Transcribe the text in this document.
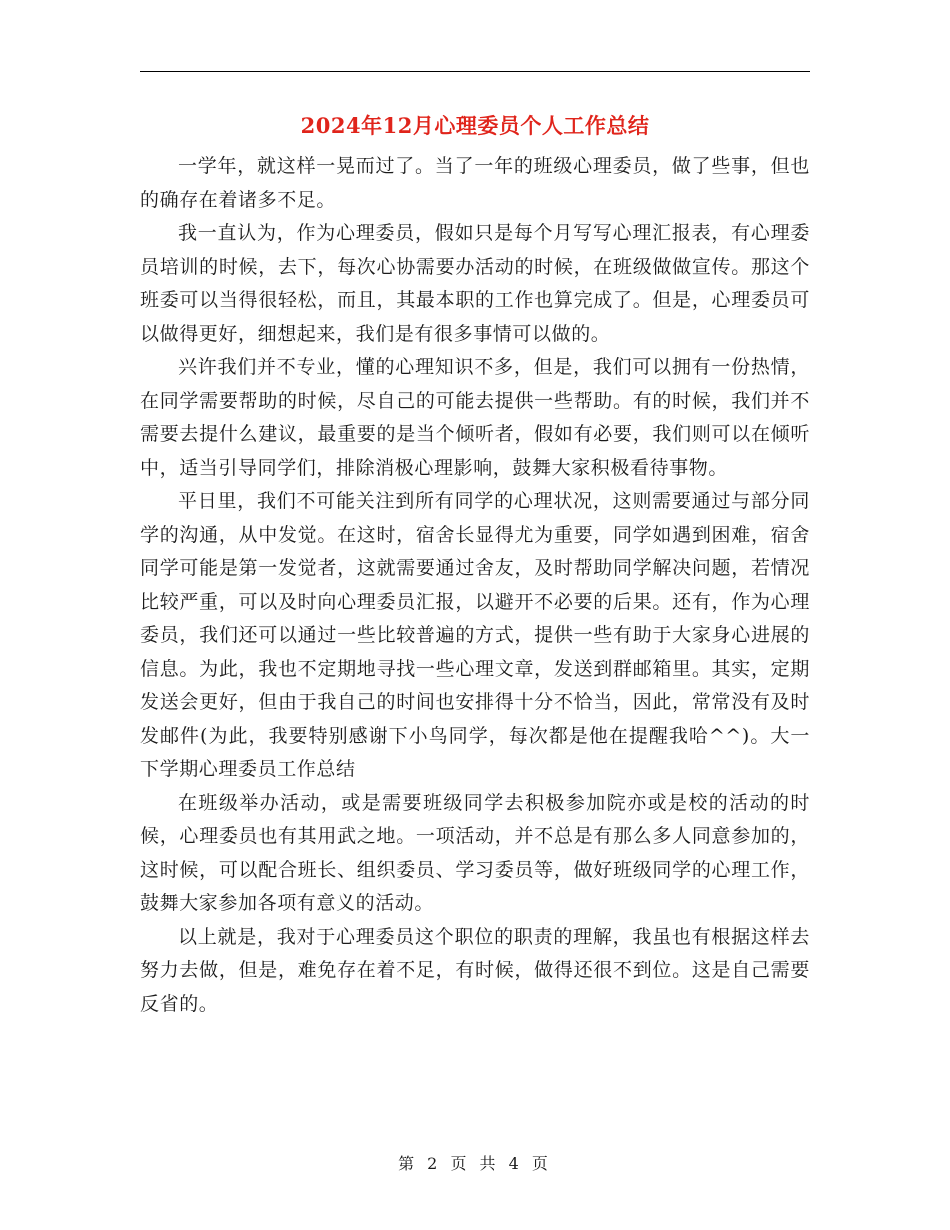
2024年12月心理委员个人工作总结

一学年，就这样一晃而过了。当了一年的班级心理委员，做了些事，但也的确存在着诸多不足。

我一直认为，作为心理委员，假如只是每个月写写心理汇报表，有心理委员培训的时候，去下，每次心协需要办活动的时候，在班级做做宣传。那这个班委可以当得很轻松，而且，其最本职的工作也算完成了。但是，心理委员可以做得更好，细想起来，我们是有很多事情可以做的。

兴许我们并不专业，懂的心理知识不多，但是，我们可以拥有一份热情，在同学需要帮助的时候，尽自己的可能去提供一些帮助。有的时候，我们并不需要去提什么建议，最重要的是当个倾听者，假如有必要，我们则可以在倾听中，适当引导同学们，排除消极心理影响，鼓舞大家积极看待事物。

平日里，我们不可能关注到所有同学的心理状况，这则需要通过与部分同学的沟通，从中发觉。在这时，宿舍长显得尤为重要，同学如遇到困难，宿舍同学可能是第一发觉者，这就需要通过舍友，及时帮助同学解决问题，若情况比较严重，可以及时向心理委员汇报，以避开不必要的后果。还有，作为心理委员，我们还可以通过一些比较普遍的方式，提供一些有助于大家身心进展的信息。为此，我也不定期地寻找一些心理文章，发送到群邮箱里。其实，定期发送会更好，但由于我自己的时间也安排得十分不恰当，因此，常常没有及时发邮件(为此，我要特别感谢下小鸟同学，每次都是他在提醒我哈^^)。大一下学期心理委员工作总结

在班级举办活动，或是需要班级同学去积极参加院亦或是校的活动的时候，心理委员也有其用武之地。一项活动，并不总是有那么多人同意参加的，这时候，可以配合班长、组织委员、学习委员等，做好班级同学的心理工作，鼓舞大家参加各项有意义的活动。

以上就是，我对于心理委员这个职位的职责的理解，我虽也有根据这样去努力去做，但是，难免存在着不足，有时候，做得还很不到位。这是自己需要反省的。

第 2 页 共 4 页
